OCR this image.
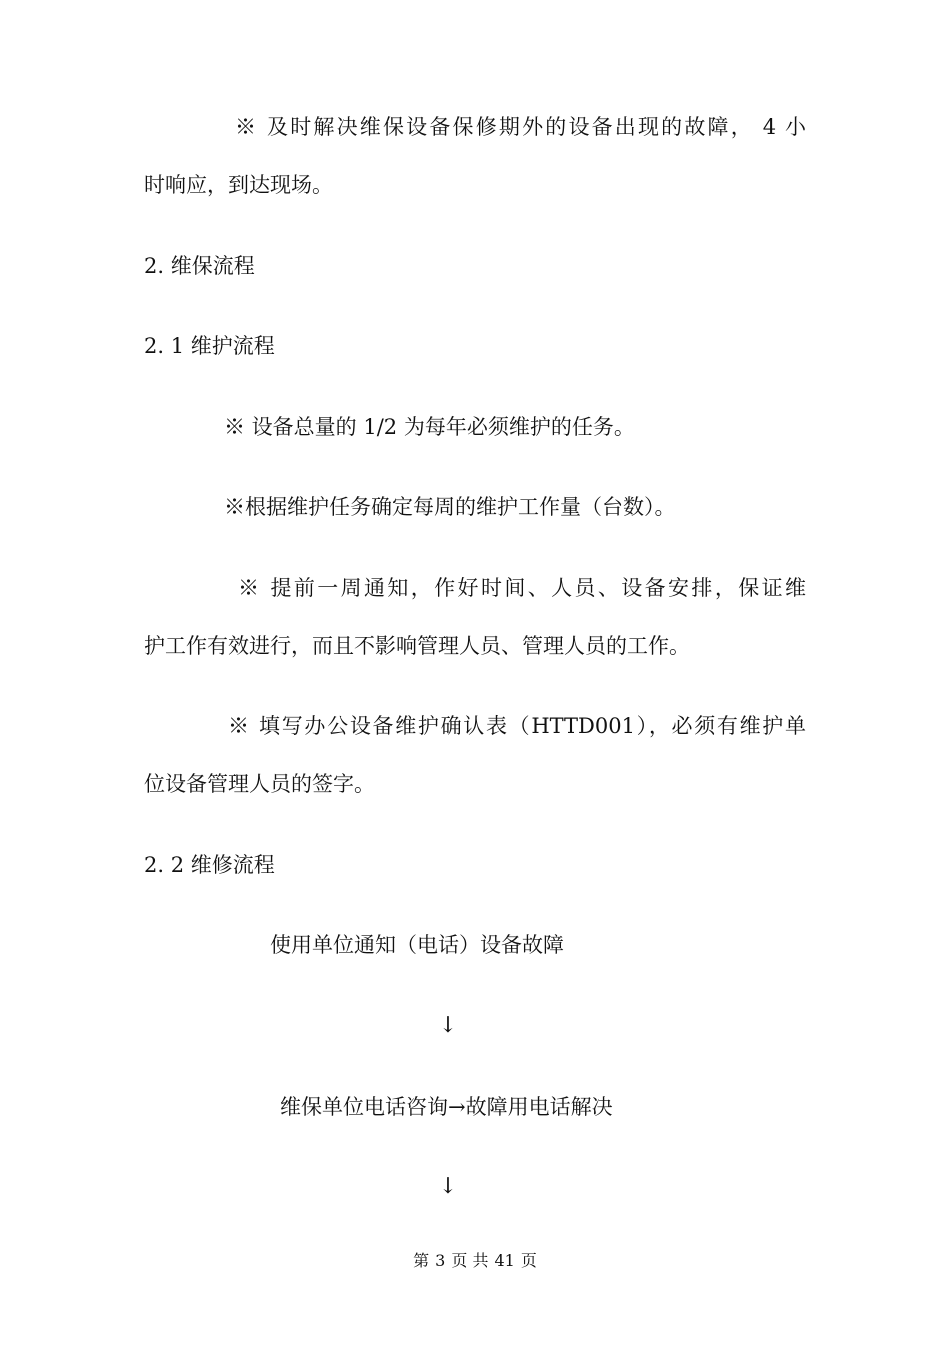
※ 及时解决维保设备保修期外的设备出现的故障， 4 小
时响应，到达现场。
2. 维保流程
2. 1 维护流程
※ 设备总量的 1/2 为每年必须维护的任务。
※根据维护任务确定每周的维护工作量（台数）。
※ 提前一周通知，作好时间、人员、设备安排，保证维
护工作有效进行，而且不影响管理人员、管理人员的工作。
※ 填写办公设备维护确认表（HTTD001），必须有维护单
位设备管理人员的签字。
2. 2 维修流程
使用单位通知（电话）设备故障
↓
维保单位电话咨询→故障用电话解决
↓
第 3 页 共 41 页
